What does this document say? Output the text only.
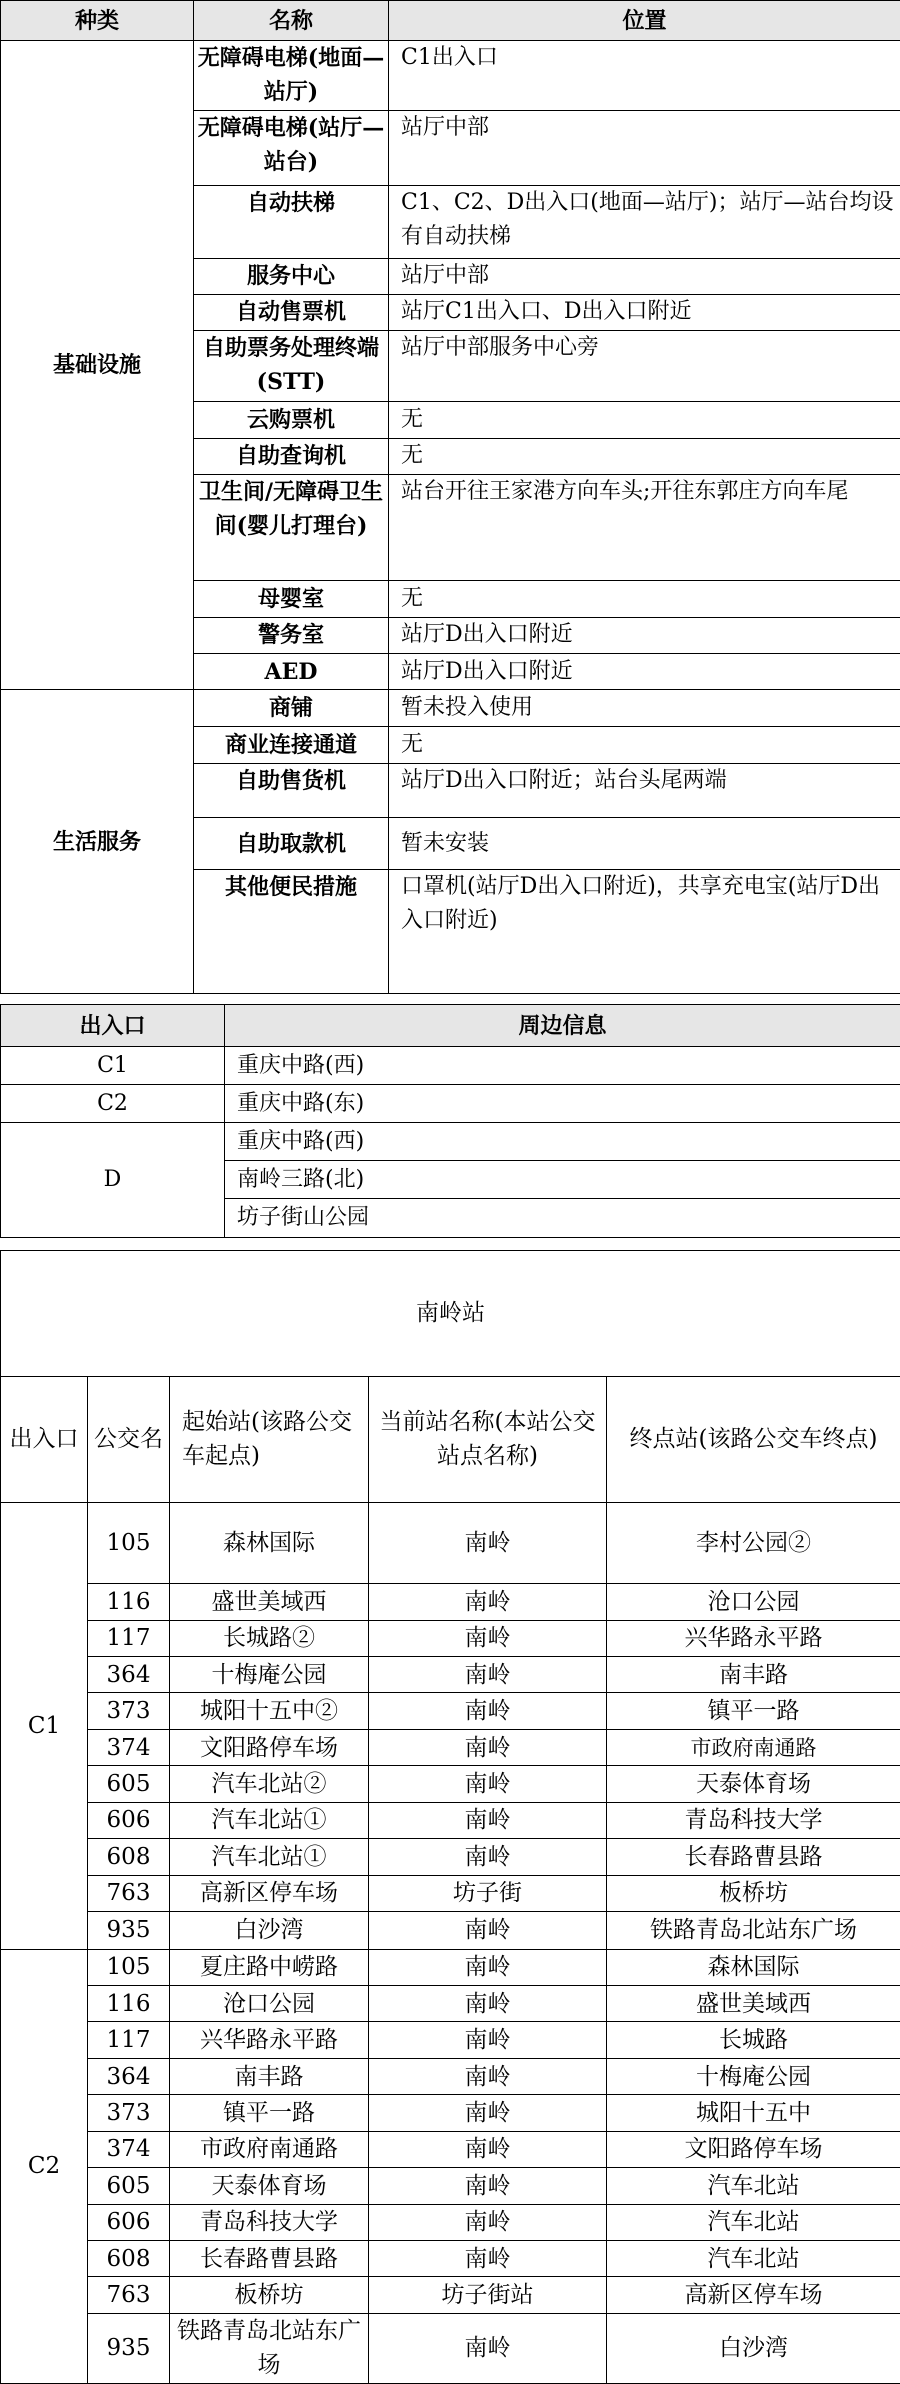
种类	名称	位置
基础设施	无障碍电梯(地面—站厅)	C1出入口
	无障碍电梯(站厅—站台)	站厅中部
	自动扶梯	C1、C2、D出入口(地面—站厅)；站厅—站台均设有自动扶梯
	服务中心	站厅中部
	自动售票机	站厅C1出入口、D出入口附近
	自助票务处理终端(STT)	站厅中部服务中心旁
	云购票机	无
	自助查询机	无
	卫生间/无障碍卫生间(婴儿打理台)	站台开往王家港方向车头;开往东郭庄方向车尾
	母婴室	无
	警务室	站厅D出入口附近
	AED	站厅D出入口附近
生活服务	商铺	暂未投入使用
	商业连接通道	无
	自助售货机	站厅D出入口附近；站台头尾两端
	自助取款机	暂未安装
	其他便民措施	口罩机(站厅D出入口附近)，共享充电宝(站厅D出入口附近)
出入口	周边信息
C1	重庆中路(西)
C2	重庆中路(东)
D	重庆中路(西)
	南岭三路(北)
	坊子街山公园
南岭站				
出入口	公交名	起始站(该路公交车起点)	当前站名称(本站公交站点名称)	终点站(该路公交车终点)
C1	105	森林国际	南岭	李村公园②
	116	盛世美域西	南岭	沧口公园
	117	长城路②	南岭	兴华路永平路
	364	十梅庵公园	南岭	南丰路
	373	城阳十五中②	南岭	镇平一路
	374	文阳路停车场	南岭	市政府南通路
	605	汽车北站②	南岭	天泰体育场
	606	汽车北站①	南岭	青岛科技大学
	608	汽车北站①	南岭	长春路曹县路
	763	高新区停车场	坊子街	板桥坊
	935	白沙湾	南岭	铁路青岛北站东广场
C2	105	夏庄路中崂路	南岭	森林国际
	116	沧口公园	南岭	盛世美域西
	117	兴华路永平路	南岭	长城路
	364	南丰路	南岭	十梅庵公园
	373	镇平一路	南岭	城阳十五中
	374	市政府南通路	南岭	文阳路停车场
	605	天泰体育场	南岭	汽车北站
	606	青岛科技大学	南岭	汽车北站
	608	长春路曹县路	南岭	汽车北站
	763	板桥坊	坊子街站	高新区停车场
	935	铁路青岛北站东广场	南岭	白沙湾
